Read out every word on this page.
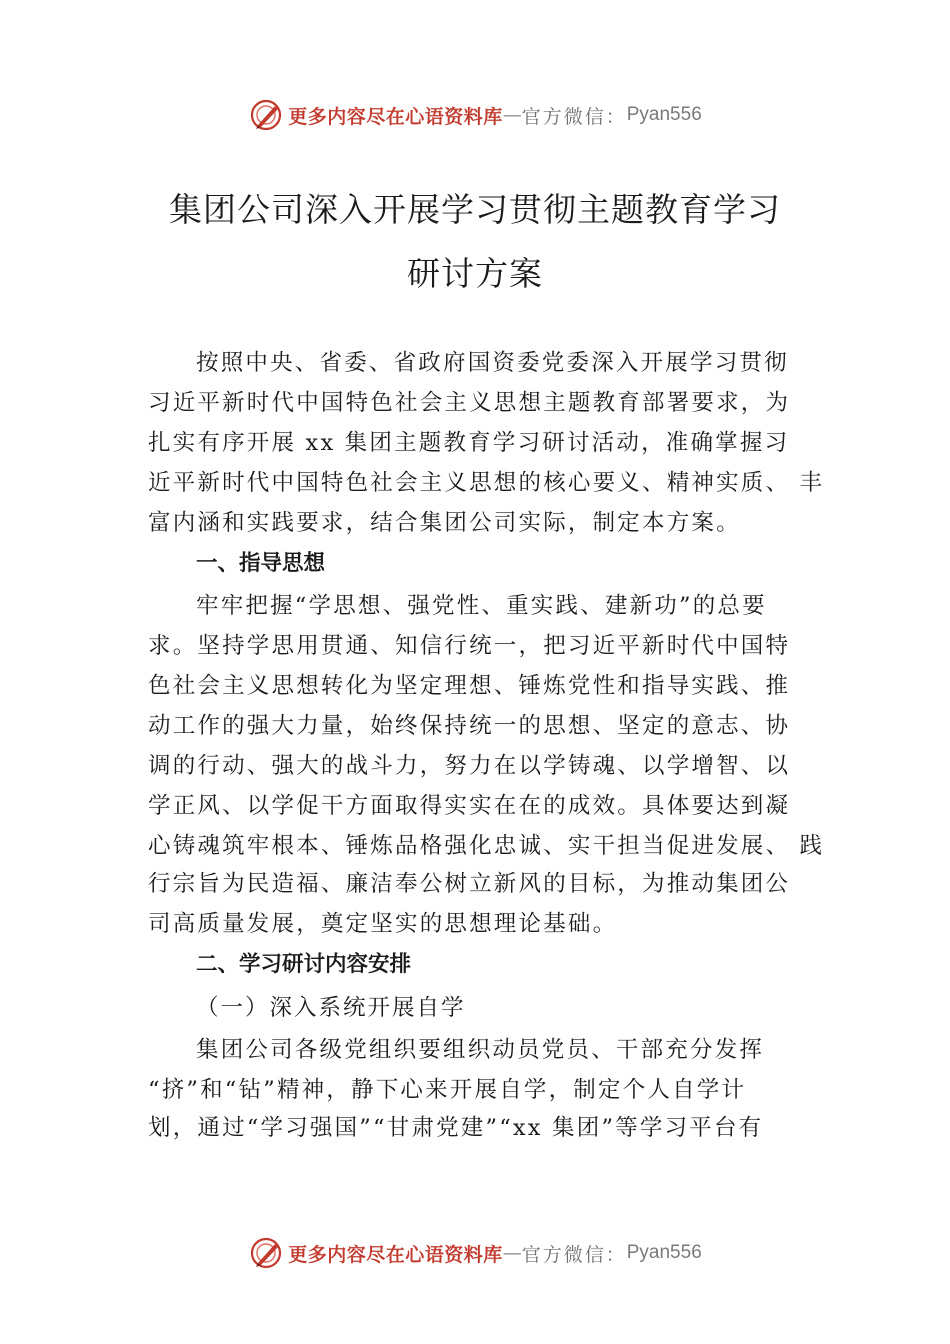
更多内容尽在心语资料库 — 官方微信： Pyan556
集团公司深入开展学习贯彻主题教育学习
研讨方案
按照中央、省委、省政府国资委党委深入开展学习贯彻
习近平新时代中国特色社会主义思想主题教育部署要求，为
扎实有序开展 xx 集团主题教育学习研讨活动，准确掌握习
近平新时代中国特色社会主义思想的核心要义、精神实质、 丰
富内涵和实践要求，结合集团公司实际，制定本方案。
一、指导思想
牢牢把握“学思想、强党性、重实践、建新功”的总要
求。坚持学思用贯通、知信行统一，把习近平新时代中国特
色社会主义思想转化为坚定理想、锤炼党性和指导实践、推
动工作的强大力量，始终保持统一的思想、坚定的意志、协
调的行动、强大的战斗力，努力在以学铸魂、以学增智、以
学正风、以学促干方面取得实实在在的成效。具体要达到凝
心铸魂筑牢根本、锤炼品格强化忠诚、实干担当促进发展、 践
行宗旨为民造福、廉洁奉公树立新风的目标，为推动集团公
司高质量发展，奠定坚实的思想理论基础。
二、学习研讨内容安排
（一）深入系统开展自学
集团公司各级党组织要组织动员党员、干部充分发挥
“挤”和“钻”精神，静下心来开展自学，制定个人自学计
划，通过“学习强国”“甘肃党建”“xx 集团”等学习平台有
更多内容尽在心语资料库 — 官方微信： Pyan556
